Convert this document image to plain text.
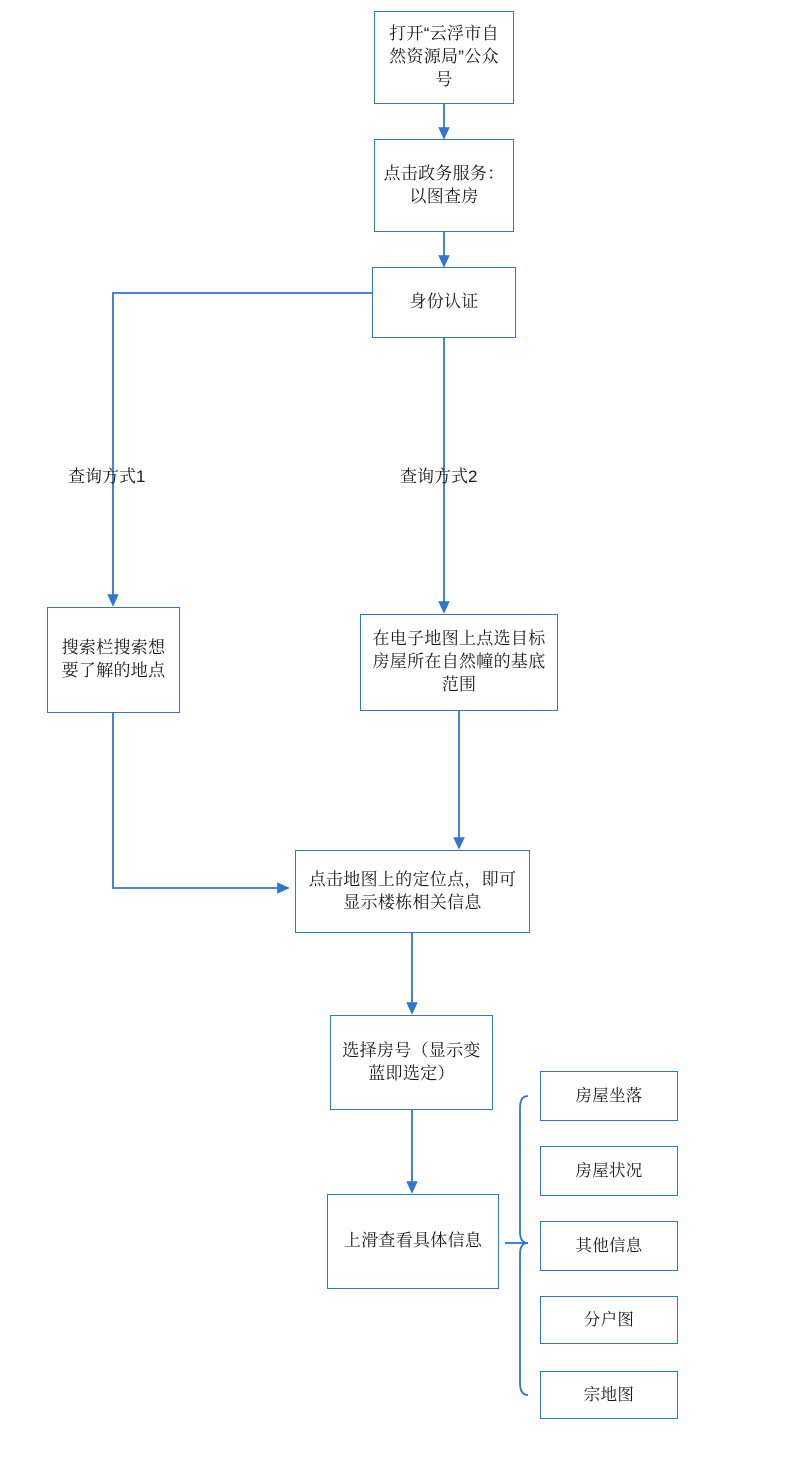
打开“云浮市自然资源局”公众号
点击政务服务：以图查房
身份认证
查询方式1	查询方式2
搜索栏搜索想要了解的地点
在电子地图上点选目标房屋所在自然幢的基底范围
点击地图上的定位点，即可显示楼栋相关信息
选择房号（显示变蓝即选定）
上滑查看具体信息
房屋坐落
房屋状况
其他信息
分户图
宗地图
